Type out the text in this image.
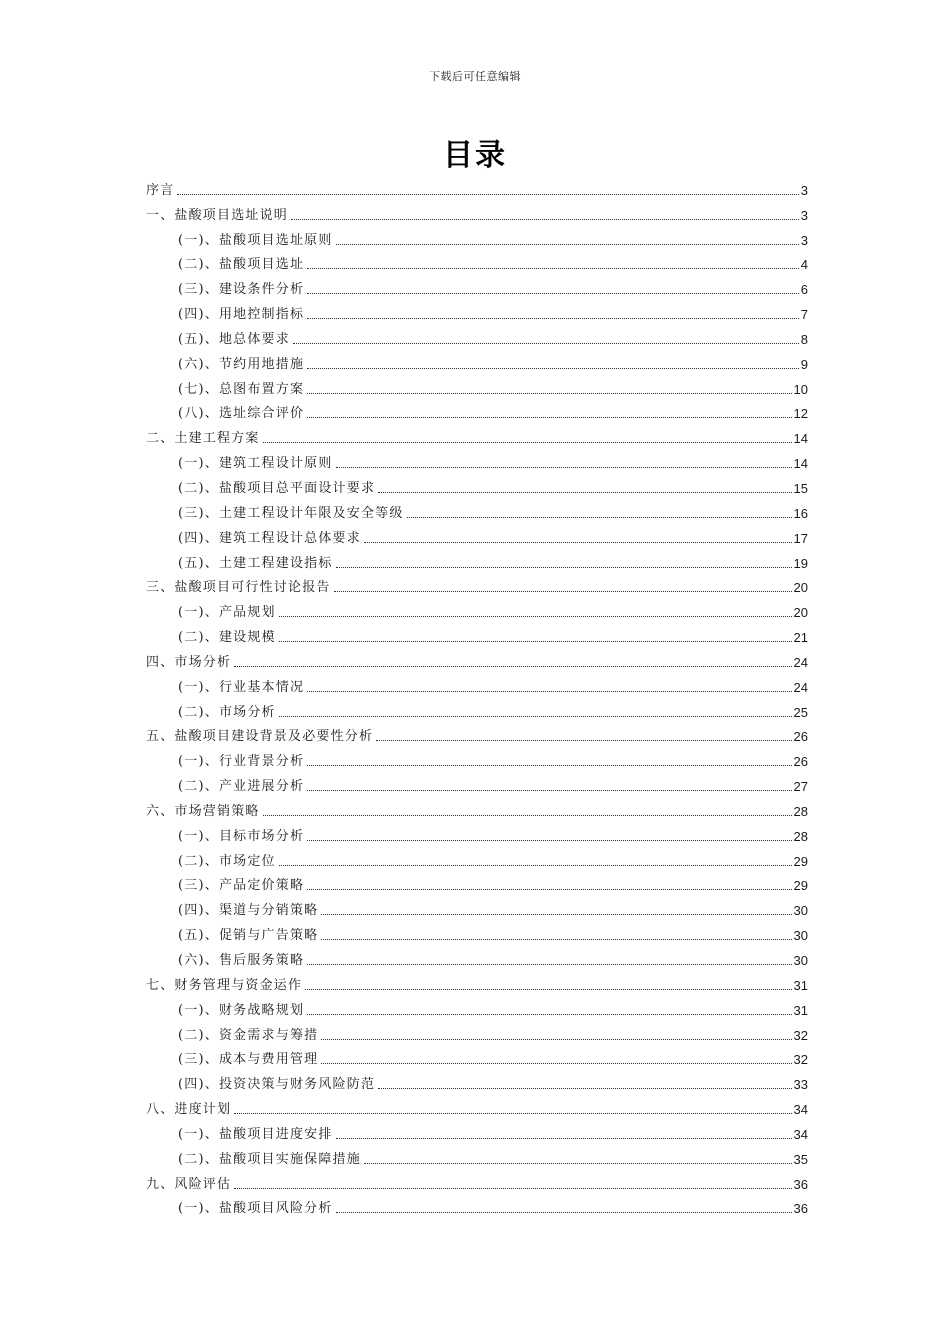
下载后可任意编辑
目录
序言	3
一、盐酸项目选址说明	3
(一)、盐酸项目选址原则	3
(二)、盐酸项目选址	4
(三)、建设条件分析	6
(四)、用地控制指标	7
(五)、地总体要求	8
(六)、节约用地措施	9
(七)、总图布置方案	10
(八)、选址综合评价	12
二、土建工程方案	14
(一)、建筑工程设计原则	14
(二)、盐酸项目总平面设计要求	15
(三)、土建工程设计年限及安全等级	16
(四)、建筑工程设计总体要求	17
(五)、土建工程建设指标	19
三、盐酸项目可行性讨论报告	20
(一)、产品规划	20
(二)、建设规模	21
四、市场分析	24
(一)、行业基本情况	24
(二)、市场分析	25
五、盐酸项目建设背景及必要性分析	26
(一)、行业背景分析	26
(二)、产业进展分析	27
六、市场营销策略	28
(一)、目标市场分析	28
(二)、市场定位	29
(三)、产品定价策略	29
(四)、渠道与分销策略	30
(五)、促销与广告策略	30
(六)、售后服务策略	30
七、财务管理与资金运作	31
(一)、财务战略规划	31
(二)、资金需求与筹措	32
(三)、成本与费用管理	32
(四)、投资决策与财务风险防范	33
八、进度计划	34
(一)、盐酸项目进度安排	34
(二)、盐酸项目实施保障措施	35
九、风险评估	36
(一)、盐酸项目风险分析	36
